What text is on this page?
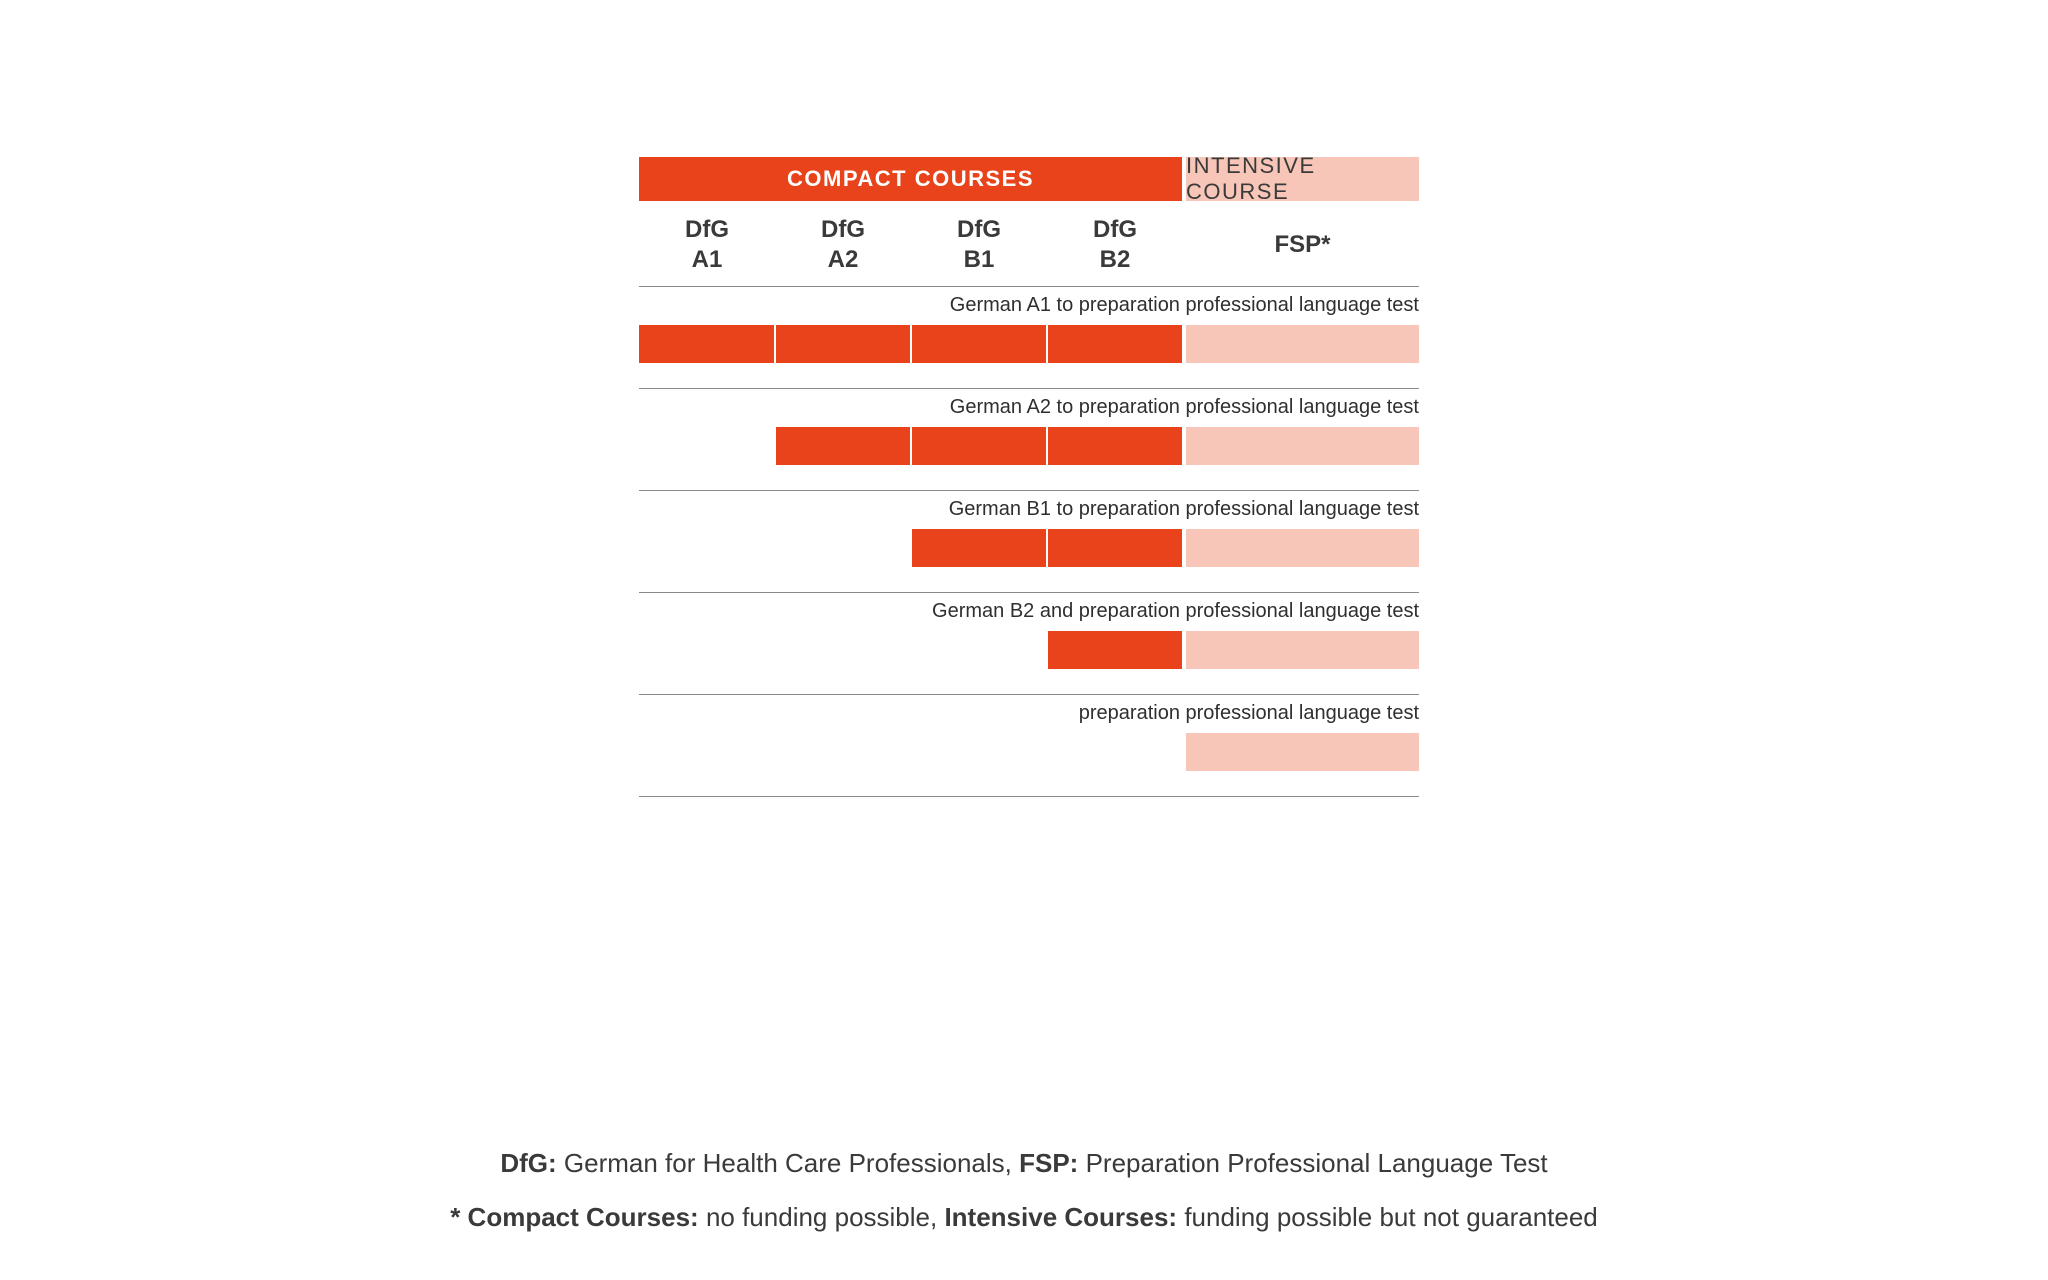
COMPACT COURSES
INTENSIVE COURSE
DfG
A1
DfG
A2
DfG
B1
DfG
B2
FSP*
German A1 to preparation professional language test
German A2 to preparation professional language test
German B1 to preparation professional language test
German B2 and preparation professional language test
preparation professional language test
DfG: German for Health Care Professionals, FSP: Preparation Professional Language Test
* Compact Courses: no funding possible, Intensive Courses: funding possible but not guaranteed
